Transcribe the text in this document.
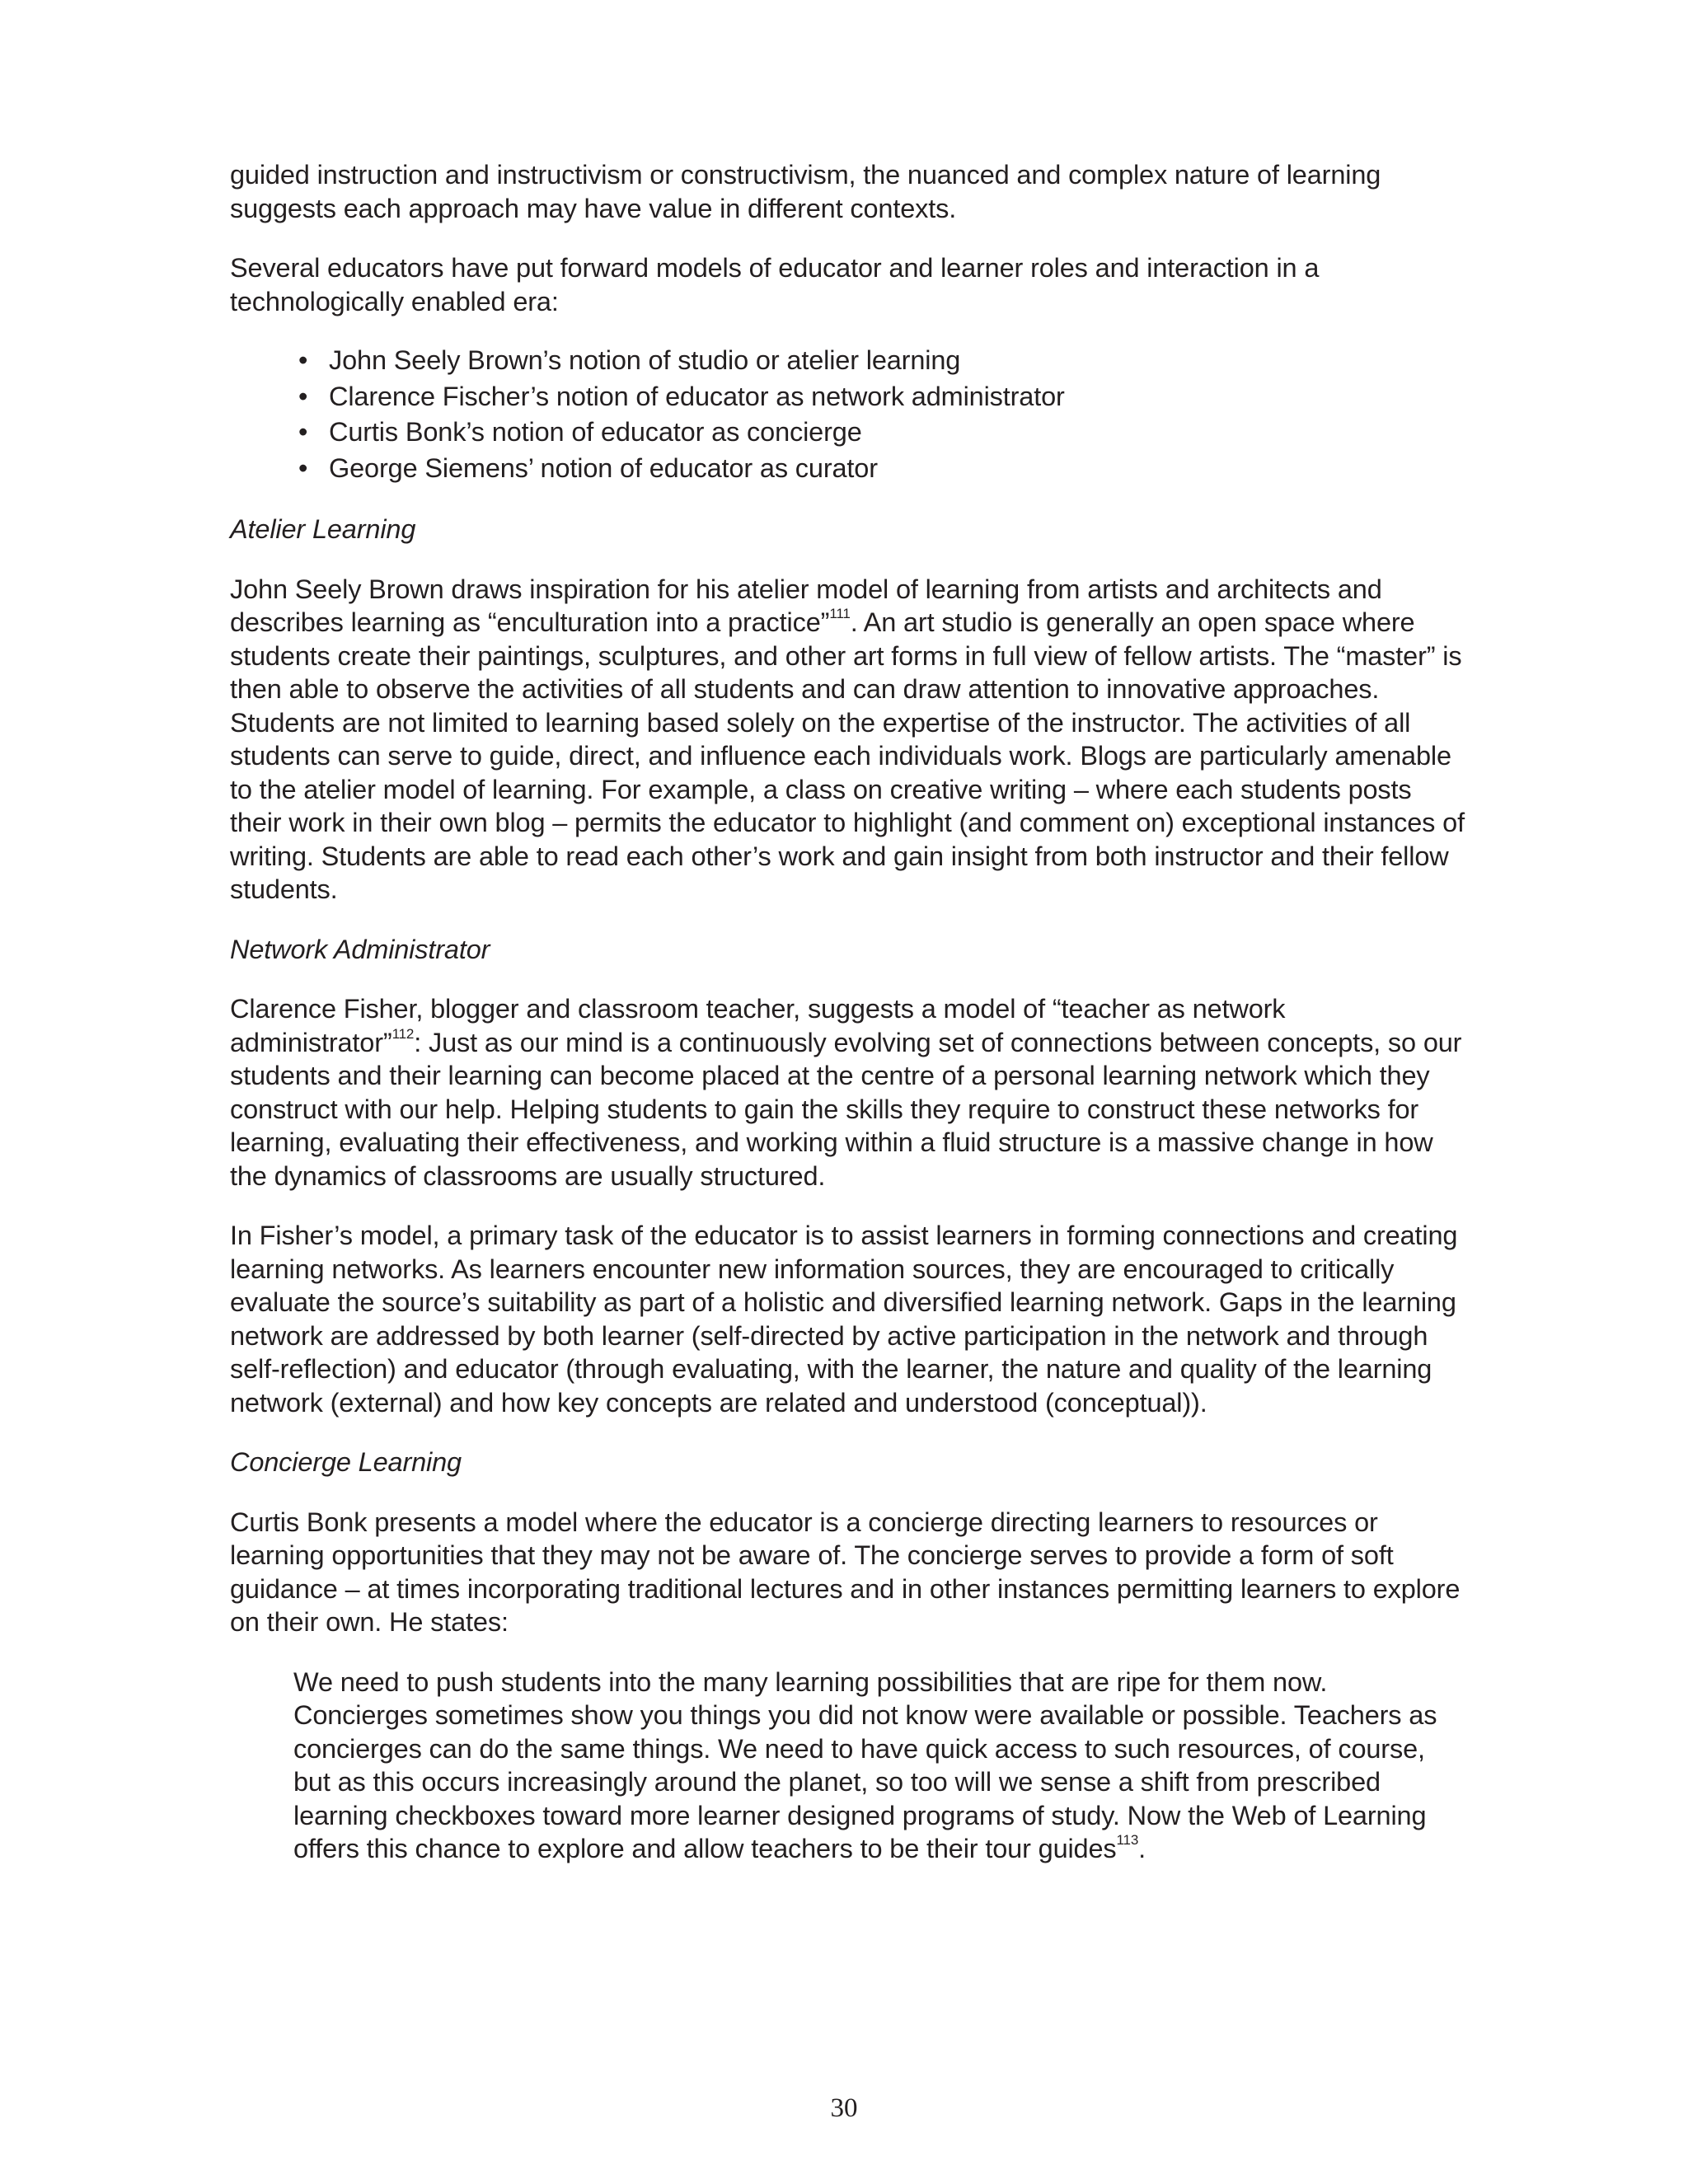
guided instruction and instructivism or constructivism, the nuanced and complex nature of learning suggests each approach may have value in different contexts.

Several educators have put forward models of educator and learner roles and interaction in a technologically enabled era:

• John Seely Brown’s notion of studio or atelier learning
• Clarence Fischer’s notion of educator as network administrator
• Curtis Bonk’s notion of educator as concierge
• George Siemens’ notion of educator as curator

Atelier Learning

John Seely Brown draws inspiration for his atelier model of learning from artists and architects and describes learning as “enculturation into a practice”$^{111}$. An art studio is generally an open space where students create their paintings, sculptures, and other art forms in full view of fellow artists. The “master” is then able to observe the activities of all students and can draw attention to innovative approaches. Students are not limited to learning based solely on the expertise of the instructor. The activities of all students can serve to guide, direct, and influence each individuals work. Blogs are particularly amenable to the atelier model of learning. For example, a class on creative writing – where each students posts their work in their own blog – permits the educator to highlight (and comment on) exceptional instances of writing. Students are able to read each other’s work and gain insight from both instructor and their fellow students.

Network Administrator

Clarence Fisher, blogger and classroom teacher, suggests a model of “teacher as network administrator”$^{112}$: Just as our mind is a continuously evolving set of connections between concepts, so our students and their learning can become placed at the centre of a personal learning network which they construct with our help. Helping students to gain the skills they require to construct these networks for learning, evaluating their effectiveness, and working within a fluid structure is a massive change in how the dynamics of classrooms are usually structured.

In Fisher’s model, a primary task of the educator is to assist learners in forming connections and creating learning networks. As learners encounter new information sources, they are encouraged to critically evaluate the source’s suitability as part of a holistic and diversified learning network. Gaps in the learning network are addressed by both learner (self-directed by active participation in the network and through self-reflection) and educator (through evaluating, with the learner, the nature and quality of the learning network (external) and how key concepts are related and understood (conceptual)).

Concierge Learning

Curtis Bonk presents a model where the educator is a concierge directing learners to resources or learning opportunities that they may not be aware of. The concierge serves to provide a form of soft guidance – at times incorporating traditional lectures and in other instances permitting learners to explore on their own. He states:

We need to push students into the many learning possibilities that are ripe for them now. Concierges sometimes show you things you did not know were available or possible. Teachers as concierges can do the same things. We need to have quick access to such resources, of course, but as this occurs increasingly around the planet, so too will we sense a shift from prescribed learning checkboxes toward more learner designed programs of study. Now the Web of Learning offers this chance to explore and allow teachers to be their tour guides$^{113}$.

30
